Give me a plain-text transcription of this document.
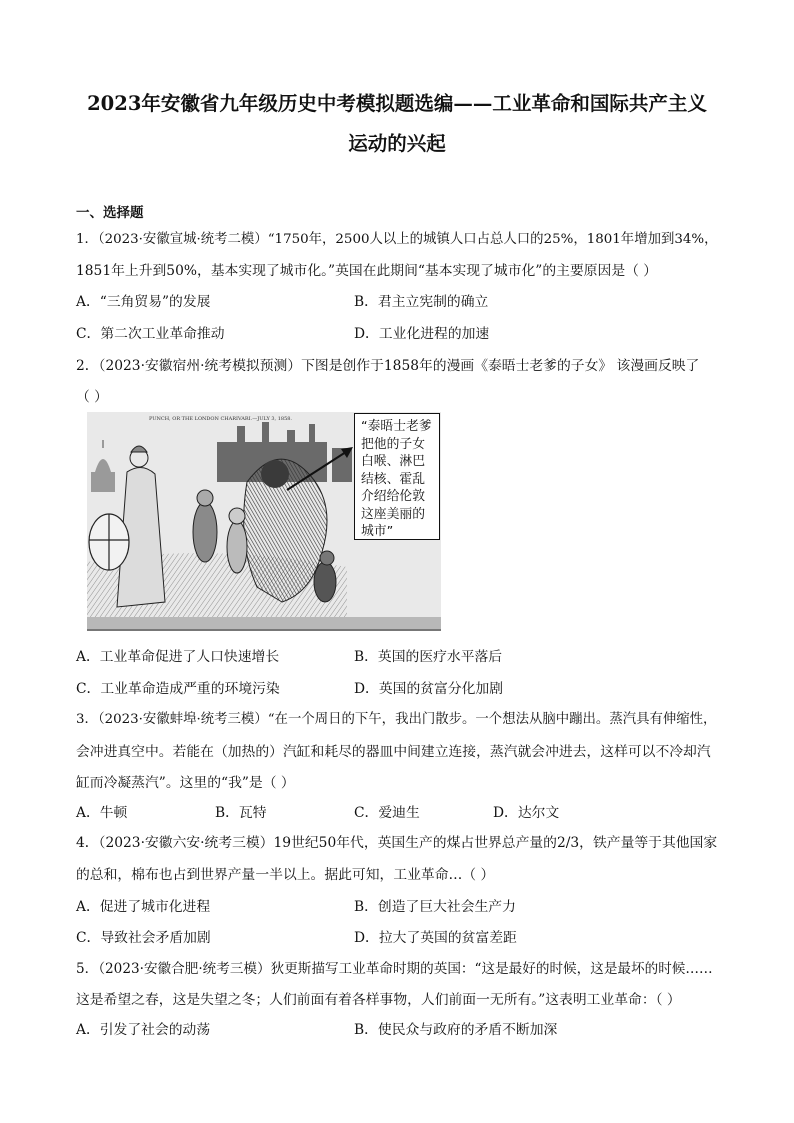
2023年安徽省九年级历史中考模拟题选编——工业革命和国际共产主义
运动的兴起

一、选择题

1．（2023·安徽宣城·统考二模）“1750年，2500人以上的城镇人口占总人口的25%，1801年增加到34%，

1851年上升到50%，基本实现了城市化。”英国在此期间“基本实现了城市化”的主要原因是（ ）

A．“三角贸易”的发展	B．君主立宪制的确立

C．第二次工业革命推动	D．工业化进程的加速

2．（2023·安徽宿州·统考模拟预测）下图是创作于1858年的漫画《泰晤士老爹的子女》 该漫画反映了

（ ）

PUNCH, OR THE LONDON CHARIVARI.—JULY 3, 1858.	“泰晤士老爹把他的子女白喉、淋巴结核、霍乱介绍给伦敦这座美丽的城市”

A．工业革命促进了人口快速增长	B．英国的医疗水平落后

C．工业革命造成严重的环境污染	D．英国的贫富分化加剧

3．（2023·安徽蚌埠·统考三模）“在一个周日的下午，我出门散步。一个想法从脑中蹦出。蒸汽具有伸缩性，

会冲进真空中。若能在（加热的）汽缸和耗尽的器皿中间建立连接，蒸汽就会冲进去，这样可以不冷却汽

缸而冷凝蒸汽”。这里的“我”是（ ）

A．牛顿	B．瓦特	C．爱迪生	D．达尔文

4．（2023·安徽六安·统考三模）19世纪50年代，英国生产的煤占世界总产量的2/3，铁产量等于其他国家

的总和，棉布也占到世界产量一半以上。据此可知，工业革命…（ ）

A．促进了城市化进程	B．创造了巨大社会生产力

C．导致社会矛盾加剧	D．拉大了英国的贫富差距

5．（2023·安徽合肥·统考三模）狄更斯描写工业革命时期的英国：“这是最好的时候，这是最坏的时候……

这是希望之春，这是失望之冬；人们前面有着各样事物，人们前面一无所有。”这表明工业革命：（ ）

A．引发了社会的动荡	B．使民众与政府的矛盾不断加深
